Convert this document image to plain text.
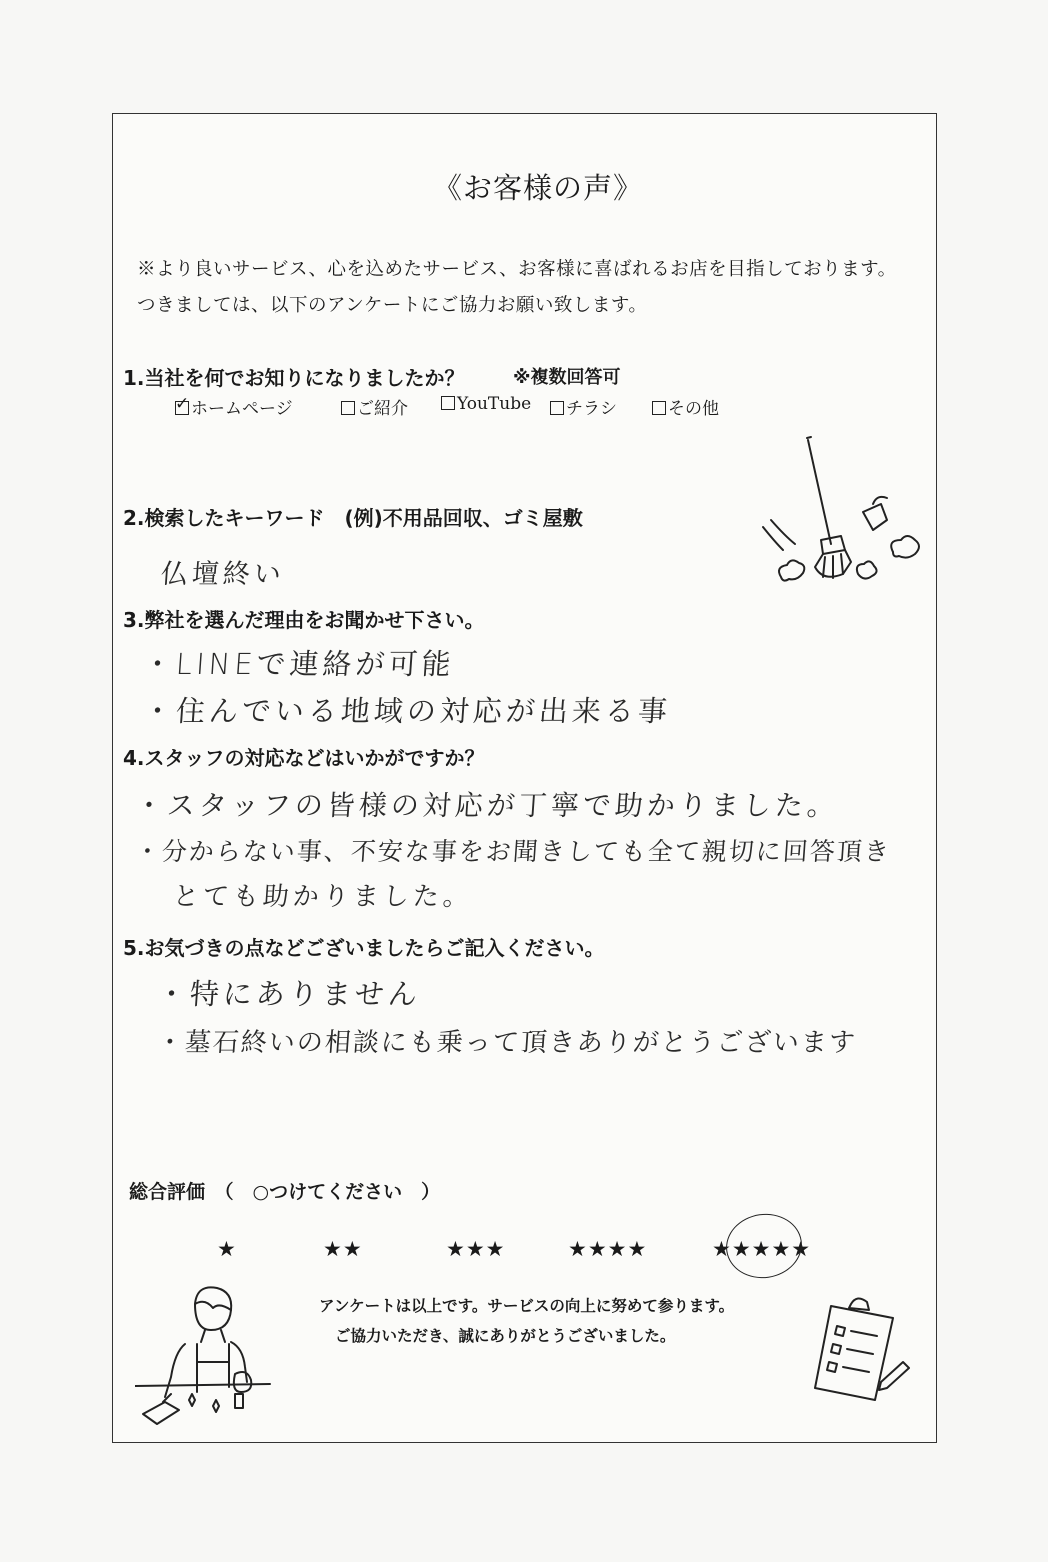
《お客様の声》
※より良いサービス、心を込めたサービス、お客様に喜ばれるお店を目指しております。
つきましては、以下のアンケートにご協力お願い致します。
1.当社を何でお知りになりましたか？	※複数回答可
✓ホームページ	ご紹介	YouTube	チラシ	その他
2.検索したキーワード　(例)不用品回収、ゴミ屋敷
仏壇終い
3.弊社を選んだ理由をお聞かせ下さい。
・LINEで連絡が可能
・住んでいる地域の対応が出来る事
4.スタッフの対応などはいかがですか？
・スタッフの皆様の対応が丁寧で助かりました。
・分からない事、不安な事をお聞きしても全て親切に回答頂き
とても助かりました。
5.お気づきの点などございましたらご記入ください。
・特にありません
・墓石終いの相談にも乗って頂きありがとうございます
総合評価　（　○つけてください　）
★	★★	★★★	★★★★	★★★★★
アンケートは以上です。サービスの向上に努めて参ります。
ご協力いただき、誠にありがとうございました。
